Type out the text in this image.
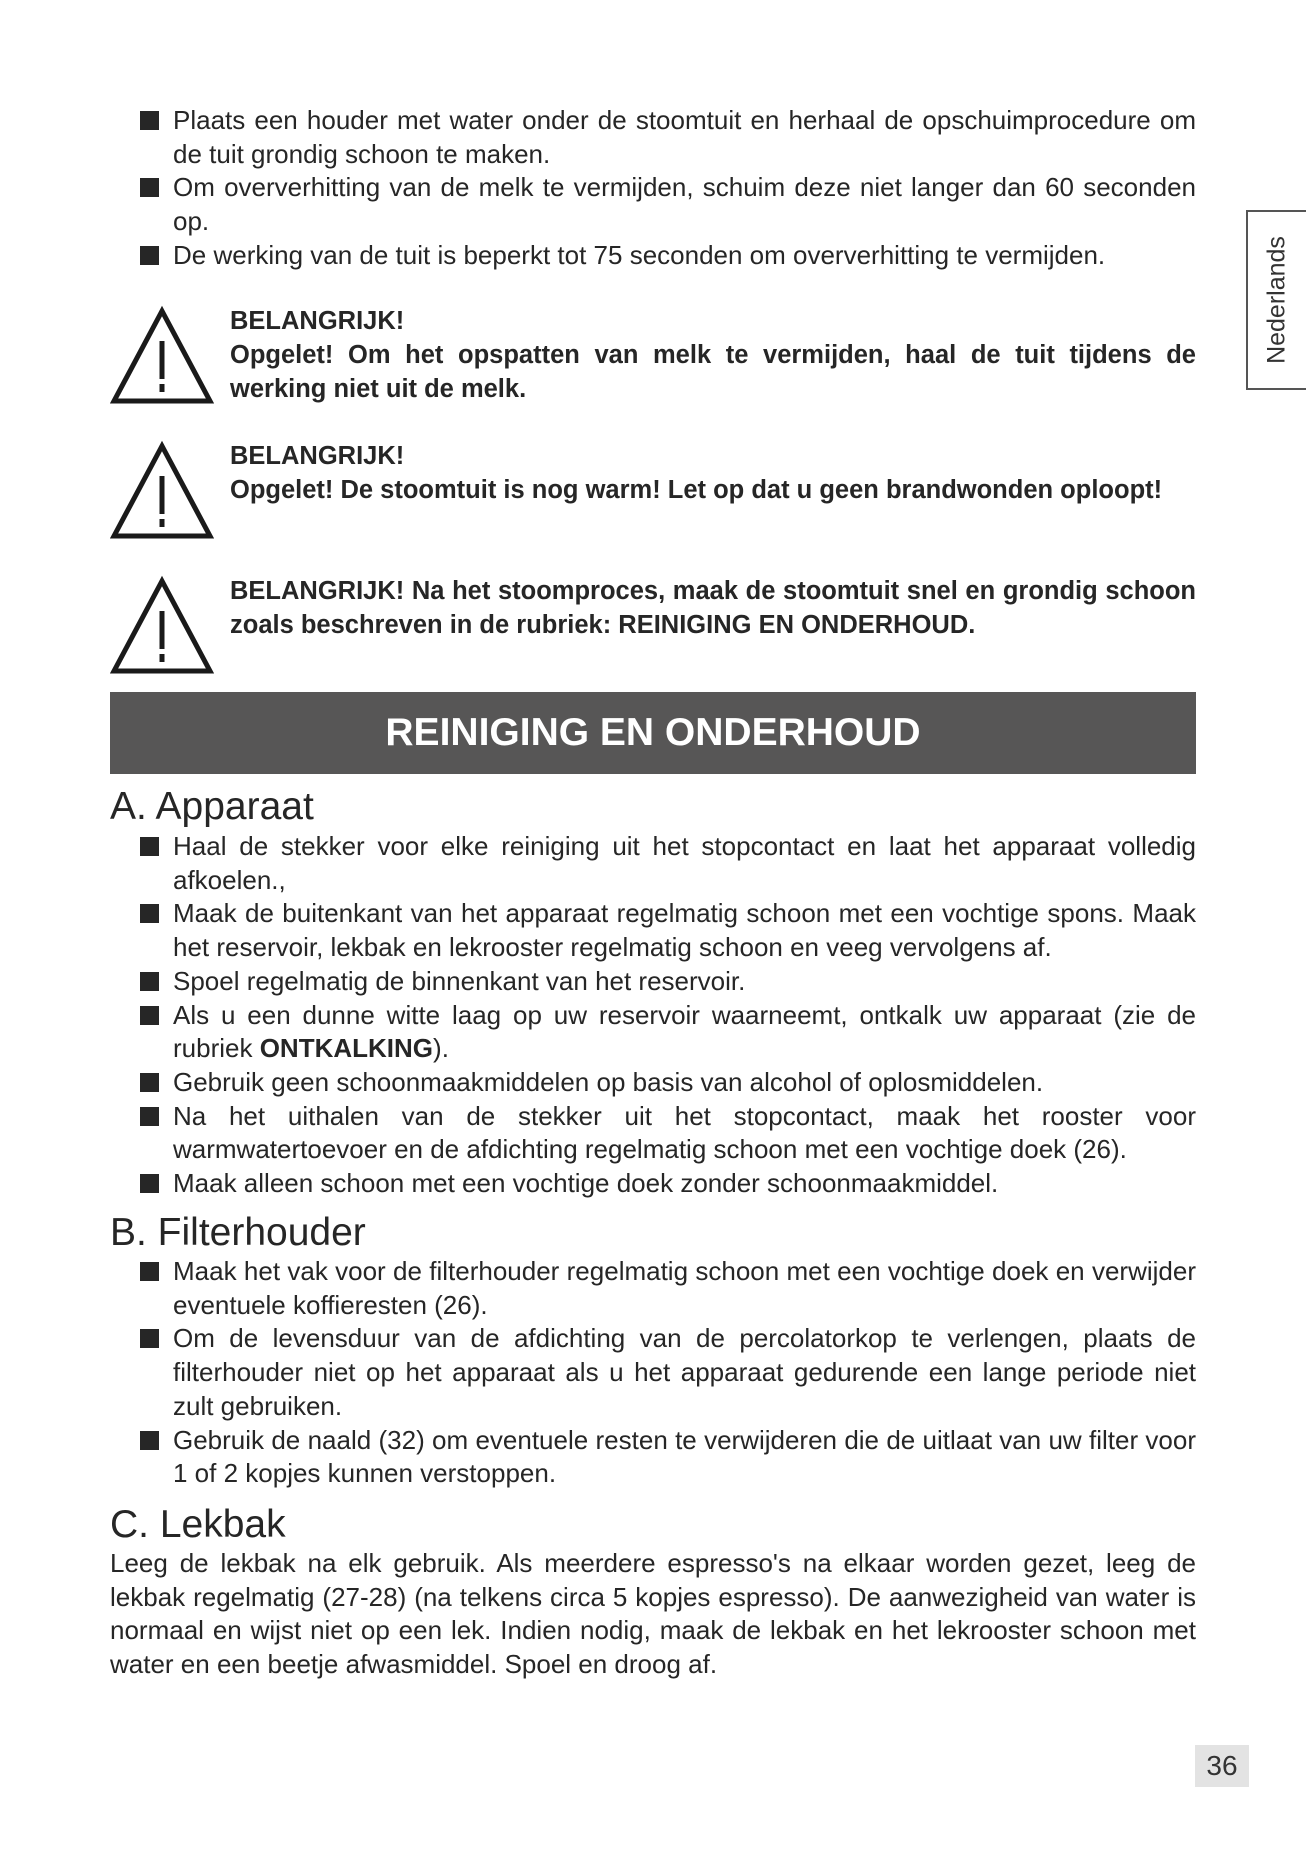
Nederlands
Plaats een houder met water onder de stoomtuit en herhaal de opschuimprocedure om de tuit grondig schoon te maken.
Om oververhitting van de melk te vermijden, schuim deze niet langer dan 60 seconden op.
De werking van de tuit is beperkt tot 75 seconden om oververhitting te vermijden.
BELANGRIJK!
Opgelet! Om het opspatten van melk te vermijden, haal de tuit tijdens de werking niet uit de melk.
BELANGRIJK!
Opgelet! De stoomtuit is nog warm! Let op dat u geen brandwonden oploopt!
BELANGRIJK! Na het stoomproces, maak de stoomtuit snel en grondig schoon zoals beschreven in de rubriek: REINIGING EN ONDERHOUD.
REINIGING EN ONDERHOUD
A. Apparaat
Haal de stekker voor elke reiniging uit het stopcontact en laat het apparaat volledig afkoelen.,
Maak de buitenkant van het apparaat regelmatig schoon met een vochtige spons. Maak het reservoir, lekbak en lekrooster regelmatig schoon en veeg vervolgens af.
Spoel regelmatig de binnenkant van het reservoir.
Als u een dunne witte laag op uw reservoir waarneemt, ontkalk uw apparaat (zie de rubriek ONTKALKING).
Gebruik geen schoonmaakmiddelen op basis van alcohol of oplosmiddelen.
Na het uithalen van de stekker uit het stopcontact, maak het rooster voor warmwatertoevoer en de afdichting regelmatig schoon met een vochtige doek (26).
Maak alleen schoon met een vochtige doek zonder schoonmaakmiddel.
B. Filterhouder
Maak het vak voor de filterhouder regelmatig schoon met een vochtige doek en verwijder eventuele koffieresten (26).
Om de levensduur van de afdichting van de percolatorkop te verlengen, plaats de filterhouder niet op het apparaat als u het apparaat gedurende een lange periode niet zult gebruiken.
Gebruik de naald (32) om eventuele resten te verwijderen die de uitlaat van uw filter voor 1 of 2 kopjes kunnen verstoppen.
C. Lekbak

Leeg de lekbak na elk gebruik. Als meerdere espresso's na elkaar worden gezet, leeg de lekbak regelmatig (27-28) (na telkens circa 5 kopjes espresso). De aanwezigheid van water is normaal en wijst niet op een lek. Indien nodig, maak de lekbak en het lekrooster schoon met water en een beetje afwasmiddel. Spoel en droog af.

36
